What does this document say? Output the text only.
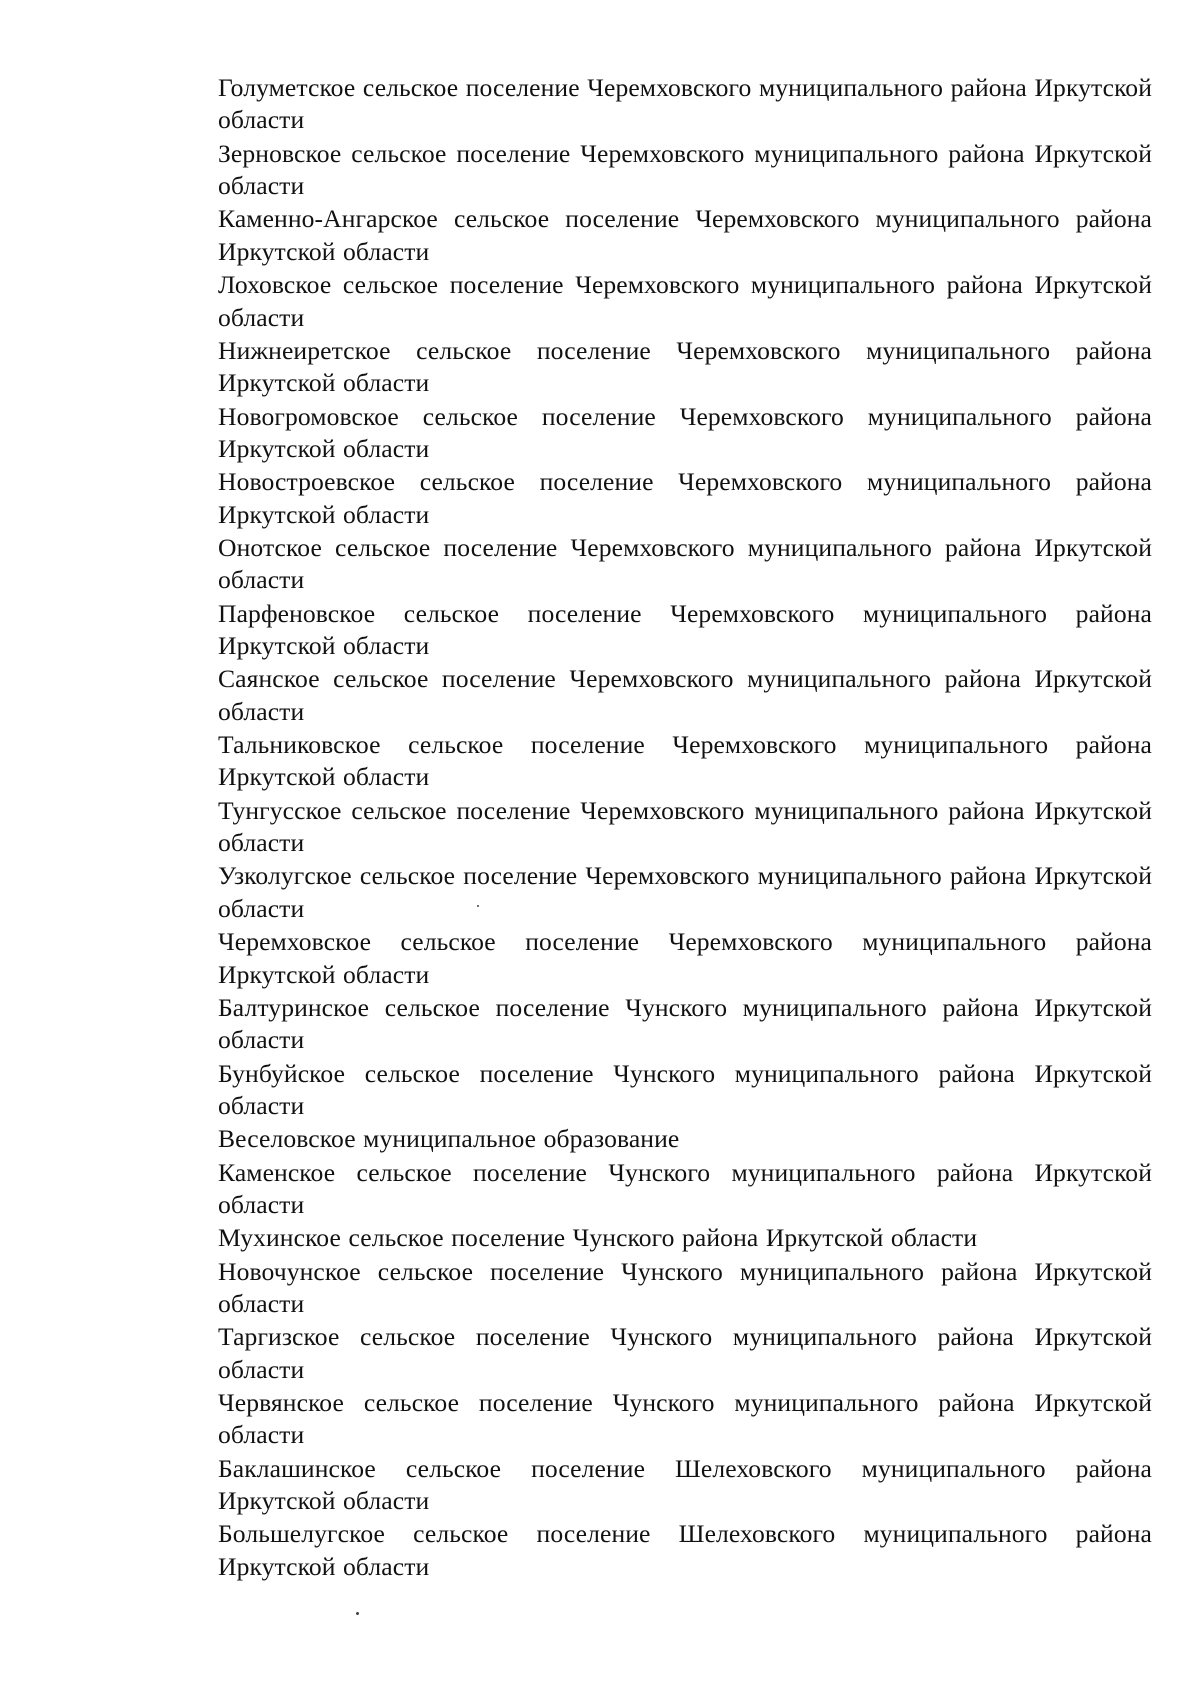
Голуметское сельское поселение Черемховского муниципального района Иркутской области

Зерновское сельское поселение Черемховского муниципального района Иркутской области

Каменно-Ангарское сельское поселение Черемховского муниципального района Иркутской области

Лоховское сельское поселение Черемховского муниципального района Иркутской области

Нижнеиретское сельское поселение Черемховского муниципального района Иркутской области

Новогромовское сельское поселение Черемховского муниципального района Иркутской области

Новостроевское сельское поселение Черемховского муниципального района Иркутской области

Онотское сельское поселение Черемховского муниципального района Иркутской области

Парфеновское сельское поселение Черемховского муниципального района Иркутской области

Саянское сельское поселение Черемховского муниципального района Иркутской области

Тальниковское сельское поселение Черемховского муниципального района Иркутской области

Тунгусское сельское поселение Черемховского муниципального района Иркутской области

Узколугское сельское поселение Черемховского муниципального района Иркутской области

Черемховское сельское поселение Черемховского муниципального района Иркутской области

Балтуринское сельское поселение Чунского муниципального района Иркутской области

Бунбуйское сельское поселение Чунского муниципального района Иркутской области

Веселовское муниципальное образование

Каменское сельское поселение Чунского муниципального района Иркутской области

Мухинское сельское поселение Чунского района Иркутской области

Новочунское сельское поселение Чунского муниципального района Иркутской области

Таргизское сельское поселение Чунского муниципального района Иркутской области

Червянское сельское поселение Чунского муниципального района Иркутской области

Баклашинское сельское поселение Шелеховского муниципального района Иркутской области

Большелугское сельское поселение Шелеховского муниципального района Иркутской области
